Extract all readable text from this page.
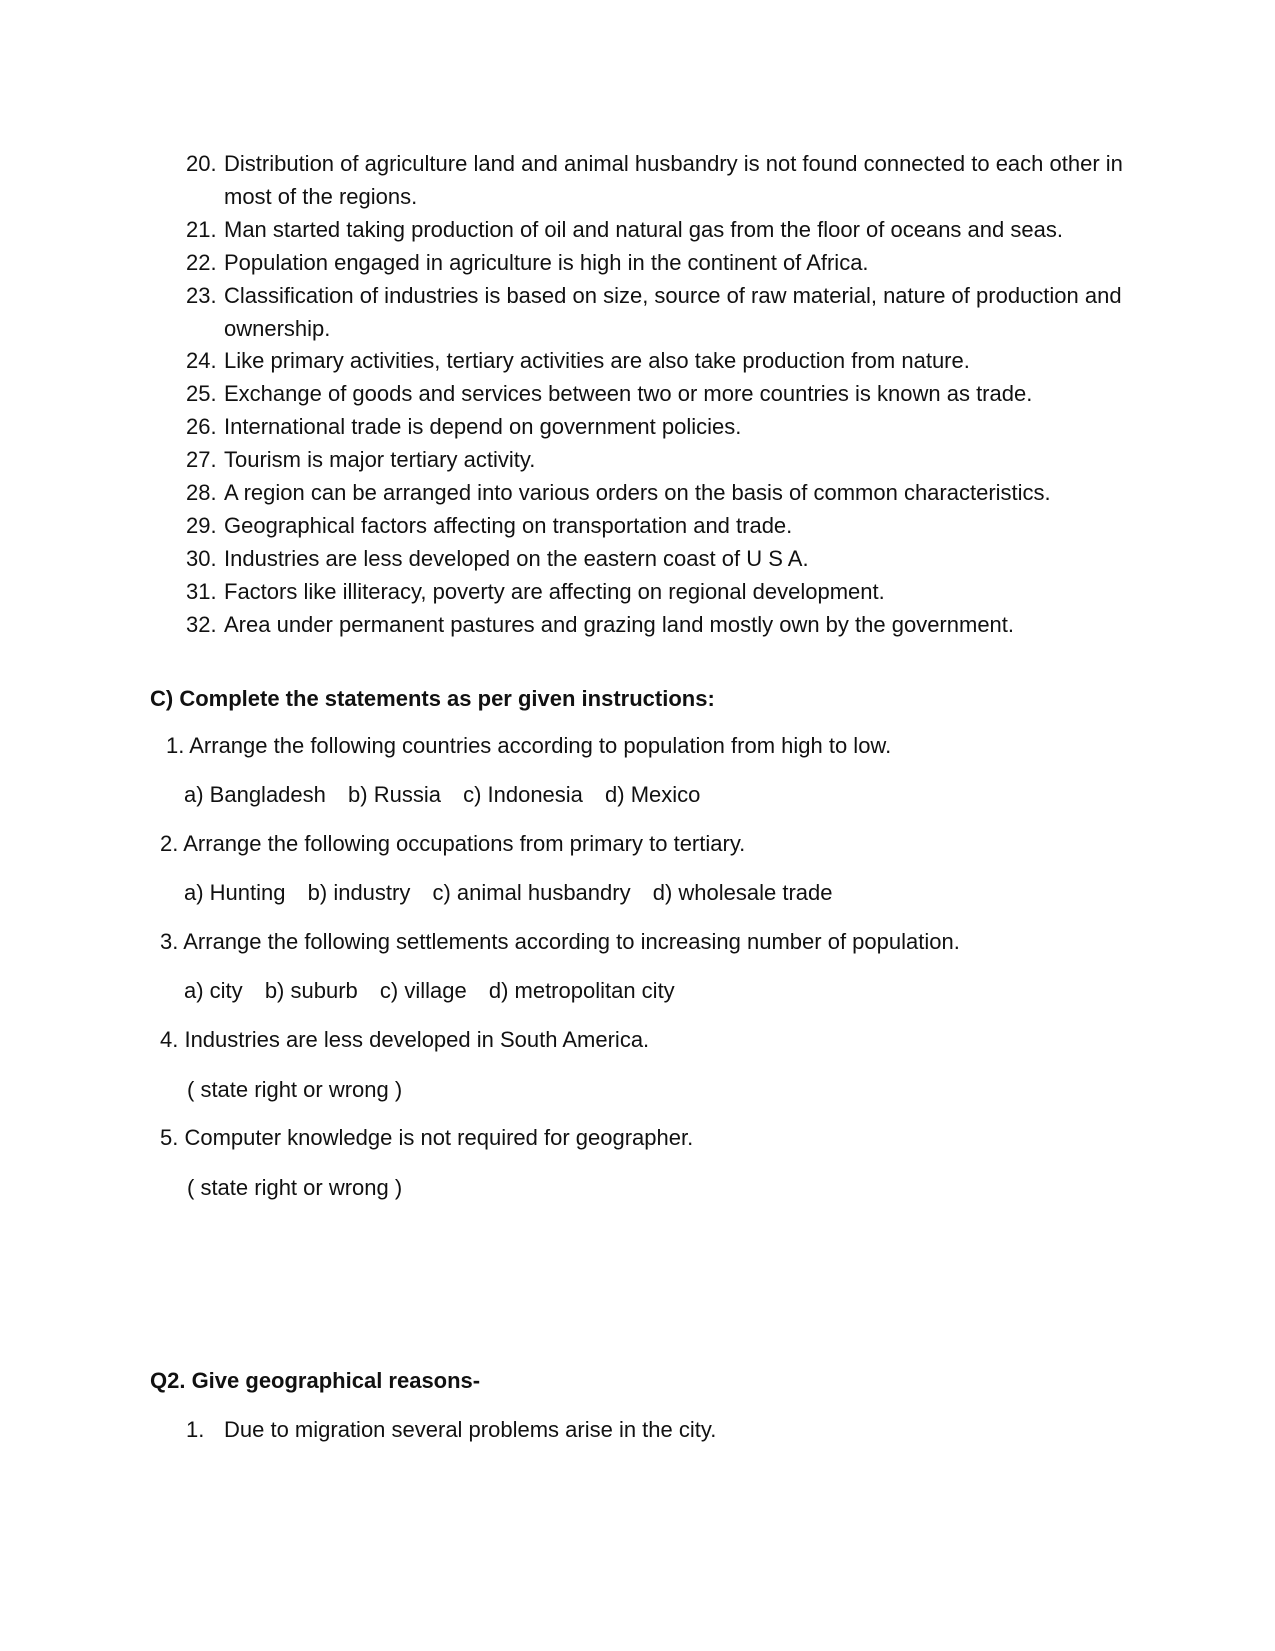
20. Distribution of agriculture land and animal husbandry is not found connected to each other in most of the regions.
21. Man started taking production of oil and natural gas from the floor of oceans and seas.
22. Population engaged in agriculture is high in the continent of Africa.
23. Classification of industries is based on size, source of raw material, nature of production and ownership.
24. Like primary activities, tertiary activities are also take production from nature.
25. Exchange of goods and services between two or more countries is known as trade.
26. International trade is depend on government policies.
27. Tourism is major tertiary activity.
28. A region can be arranged into various orders on the basis of common characteristics.
29. Geographical factors affecting on transportation and trade.
30. Industries are less developed on the eastern coast of U S A.
31. Factors like illiteracy, poverty are affecting on regional development.
32. Area under permanent pastures and grazing land mostly own by the government.
C) Complete the statements as per given instructions:
1. Arrange the following countries according to population from high to low.
a) Bangladesh b) Russia c) Indonesia d) Mexico
2. Arrange the following occupations from primary to tertiary.
a) Hunting b) industry c) animal husbandry d) wholesale trade
3. Arrange the following settlements according to increasing number of population.
a) city b) suburb c) village d) metropolitan city
4. Industries are less developed in South America.
( state right or wrong )
5. Computer knowledge is not required for geographer.
( state right or wrong )
Q2. Give geographical reasons-
1. Due to migration several problems arise in the city.
